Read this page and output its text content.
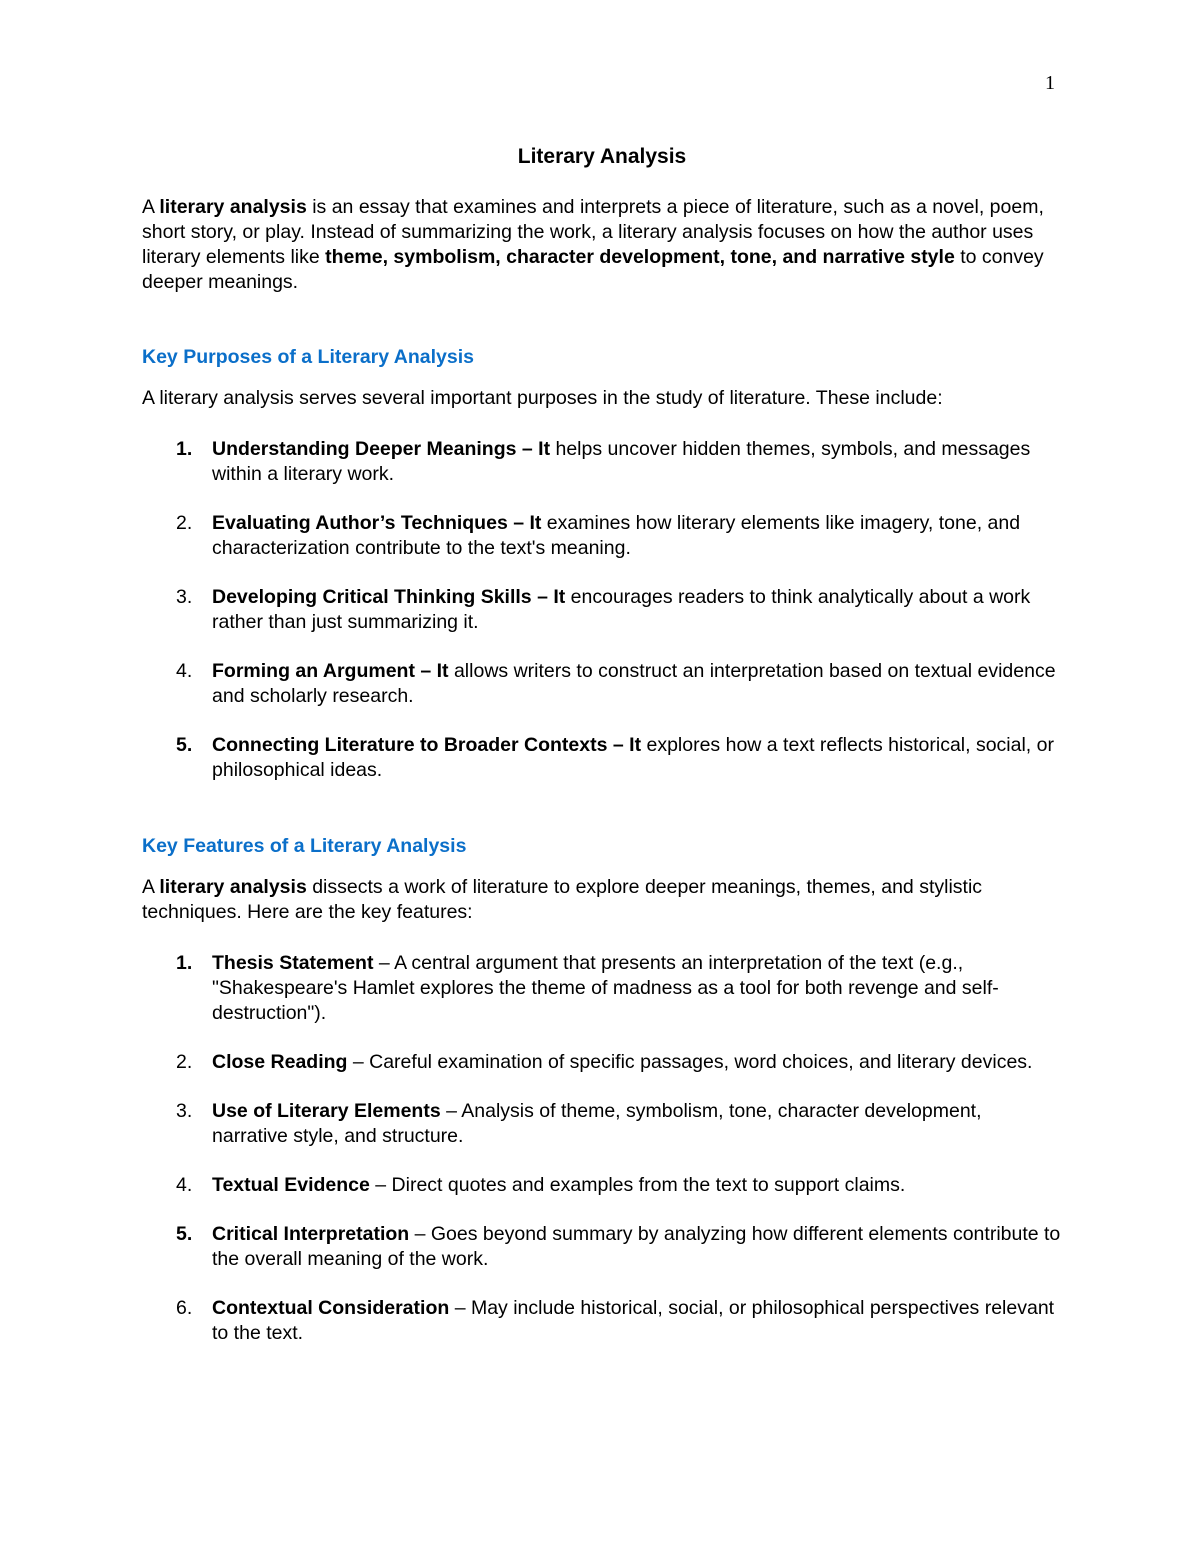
1
Literary Analysis

A literary analysis is an essay that examines and interprets a piece of literature, such as a novel, poem, short story, or play. Instead of summarizing the work, a literary analysis focuses on how the author uses literary elements like theme, symbolism, character development, tone, and narrative style to convey deeper meanings.

Key Purposes of a Literary Analysis

A literary analysis serves several important purposes in the study of literature. These include:

1. Understanding Deeper Meanings – It helps uncover hidden themes, symbols, and messages within a literary work.
2. Evaluating Author’s Techniques – It examines how literary elements like imagery, tone, and characterization contribute to the text's meaning.
3. Developing Critical Thinking Skills – It encourages readers to think analytically about a work rather than just summarizing it.
4. Forming an Argument – It allows writers to construct an interpretation based on textual evidence and scholarly research.
5. Connecting Literature to Broader Contexts – It explores how a text reflects historical, social, or philosophical ideas.
Key Features of a Literary Analysis

A literary analysis dissects a work of literature to explore deeper meanings, themes, and stylistic techniques. Here are the key features:

1. Thesis Statement – A central argument that presents an interpretation of the text (e.g., "Shakespeare's Hamlet explores the theme of madness as a tool for both revenge and self-destruction").
2. Close Reading – Careful examination of specific passages, word choices, and literary devices.
3. Use of Literary Elements – Analysis of theme, symbolism, tone, character development, narrative style, and structure.
4. Textual Evidence – Direct quotes and examples from the text to support claims.
5. Critical Interpretation – Goes beyond summary by analyzing how different elements contribute to the overall meaning of the work.
6. Contextual Consideration – May include historical, social, or philosophical perspectives relevant to the text.
